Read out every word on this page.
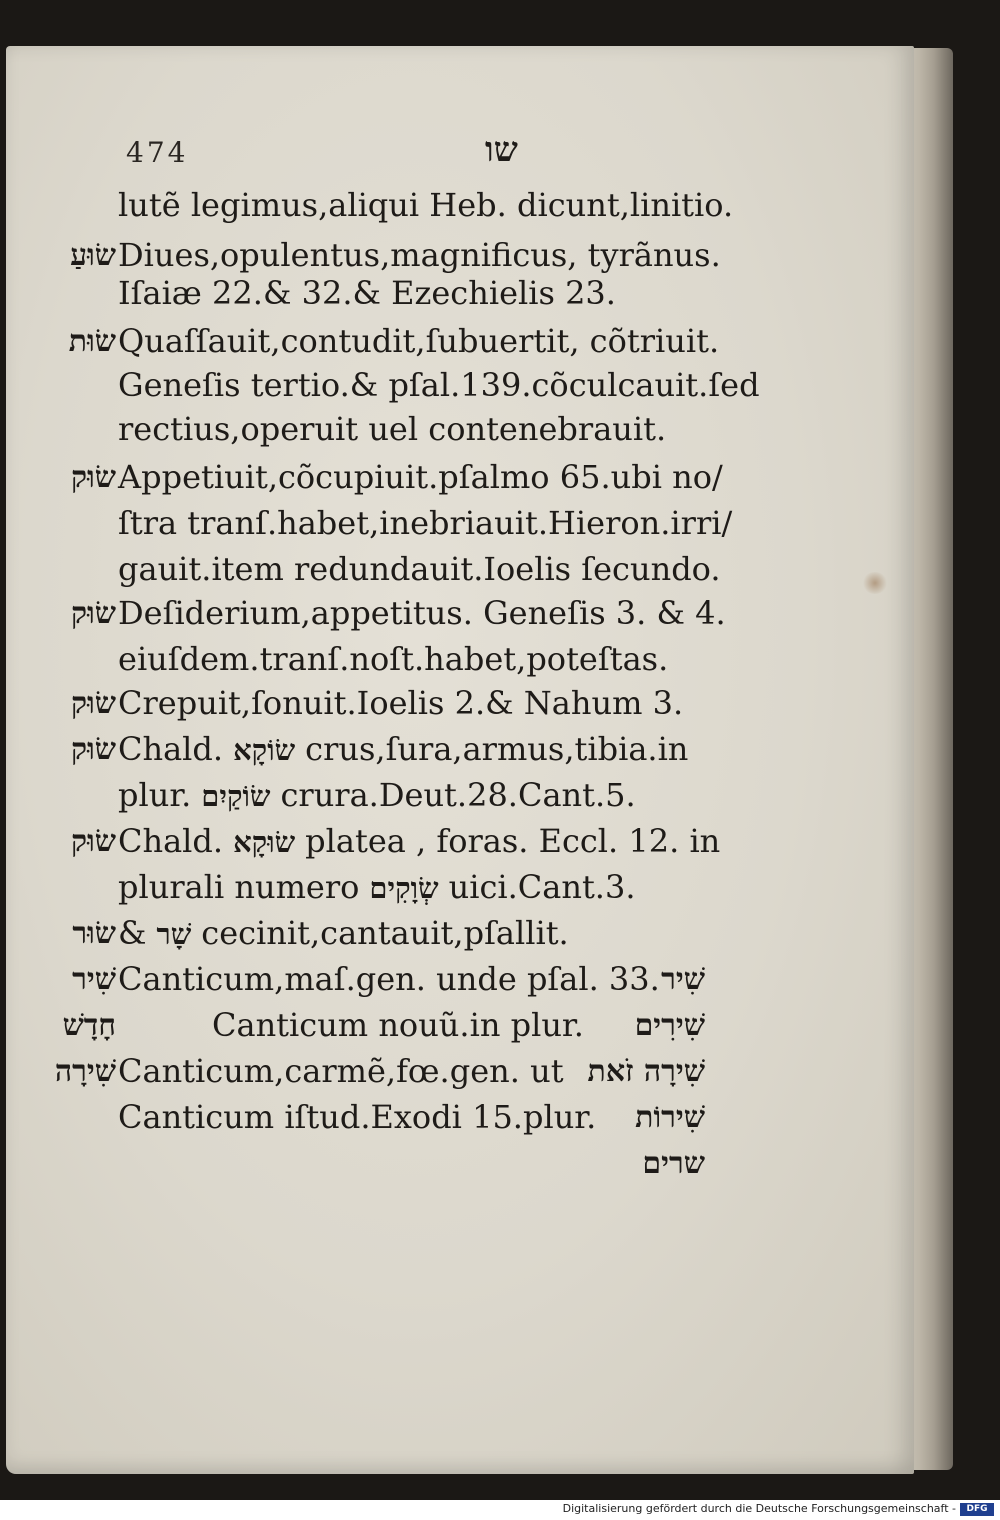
474	שו
lutẽ legimus,aliqui Heb. dicunt,linitio.
שׂוּעַ Diues,opulentus,magnificus, tyrãnus.
Iſaiæ 22.& 32.& Ezechielis 23.
שׂוּת Quaſſauit,contudit,ſubuertit, cõtriuit.
Geneſis tertio.& pſal.139.cõculcauit.ſed
rectius,operuit uel contenebrauit.
שׂוּק Appetiuit,cõcupiuit.pſalmo 65.ubi no/
ſtra tranſ.habet,inebriauit.Hieron.irri/
gauit.item redundauit.Ioelis ſecundo.
שׂוּק Deſiderium,appetitus. Geneſis 3. & 4.
eiuſdem.tranſ.noſt.habet,poteſtas.
שׂוּק Crepuit,ſonuit.Ioelis 2.& Nahum 3.
שׂוּק Chald. שׂוֹקָא crus,ſura,armus,tibia.in
plur. שׂוֹקַיִם crura.Deut.28.Cant.5.
שׂוּק Chald. שׂוּקָא platea , foras. Eccl. 12. in
plurali numero שְׂוָקִים uici.Cant.3.
שׂוּר & שָׁר cecinit,cantauit,pſallit.
שִׁיר Canticum,maſ.gen. unde pſal. 33. שִׁיר
חָדָשׁ	Canticum nouũ.in plur. שִׁירִים
שִׁירָה Canticum,carmẽ,fœ.gen. ut שִׁירָה זֹאת
Canticum iſtud.Exodi 15.plur. שִׁירוֹת
שרים
Digitalisierung gefördert durch die Deutsche Forschungsgemeinschaft -	DFG
